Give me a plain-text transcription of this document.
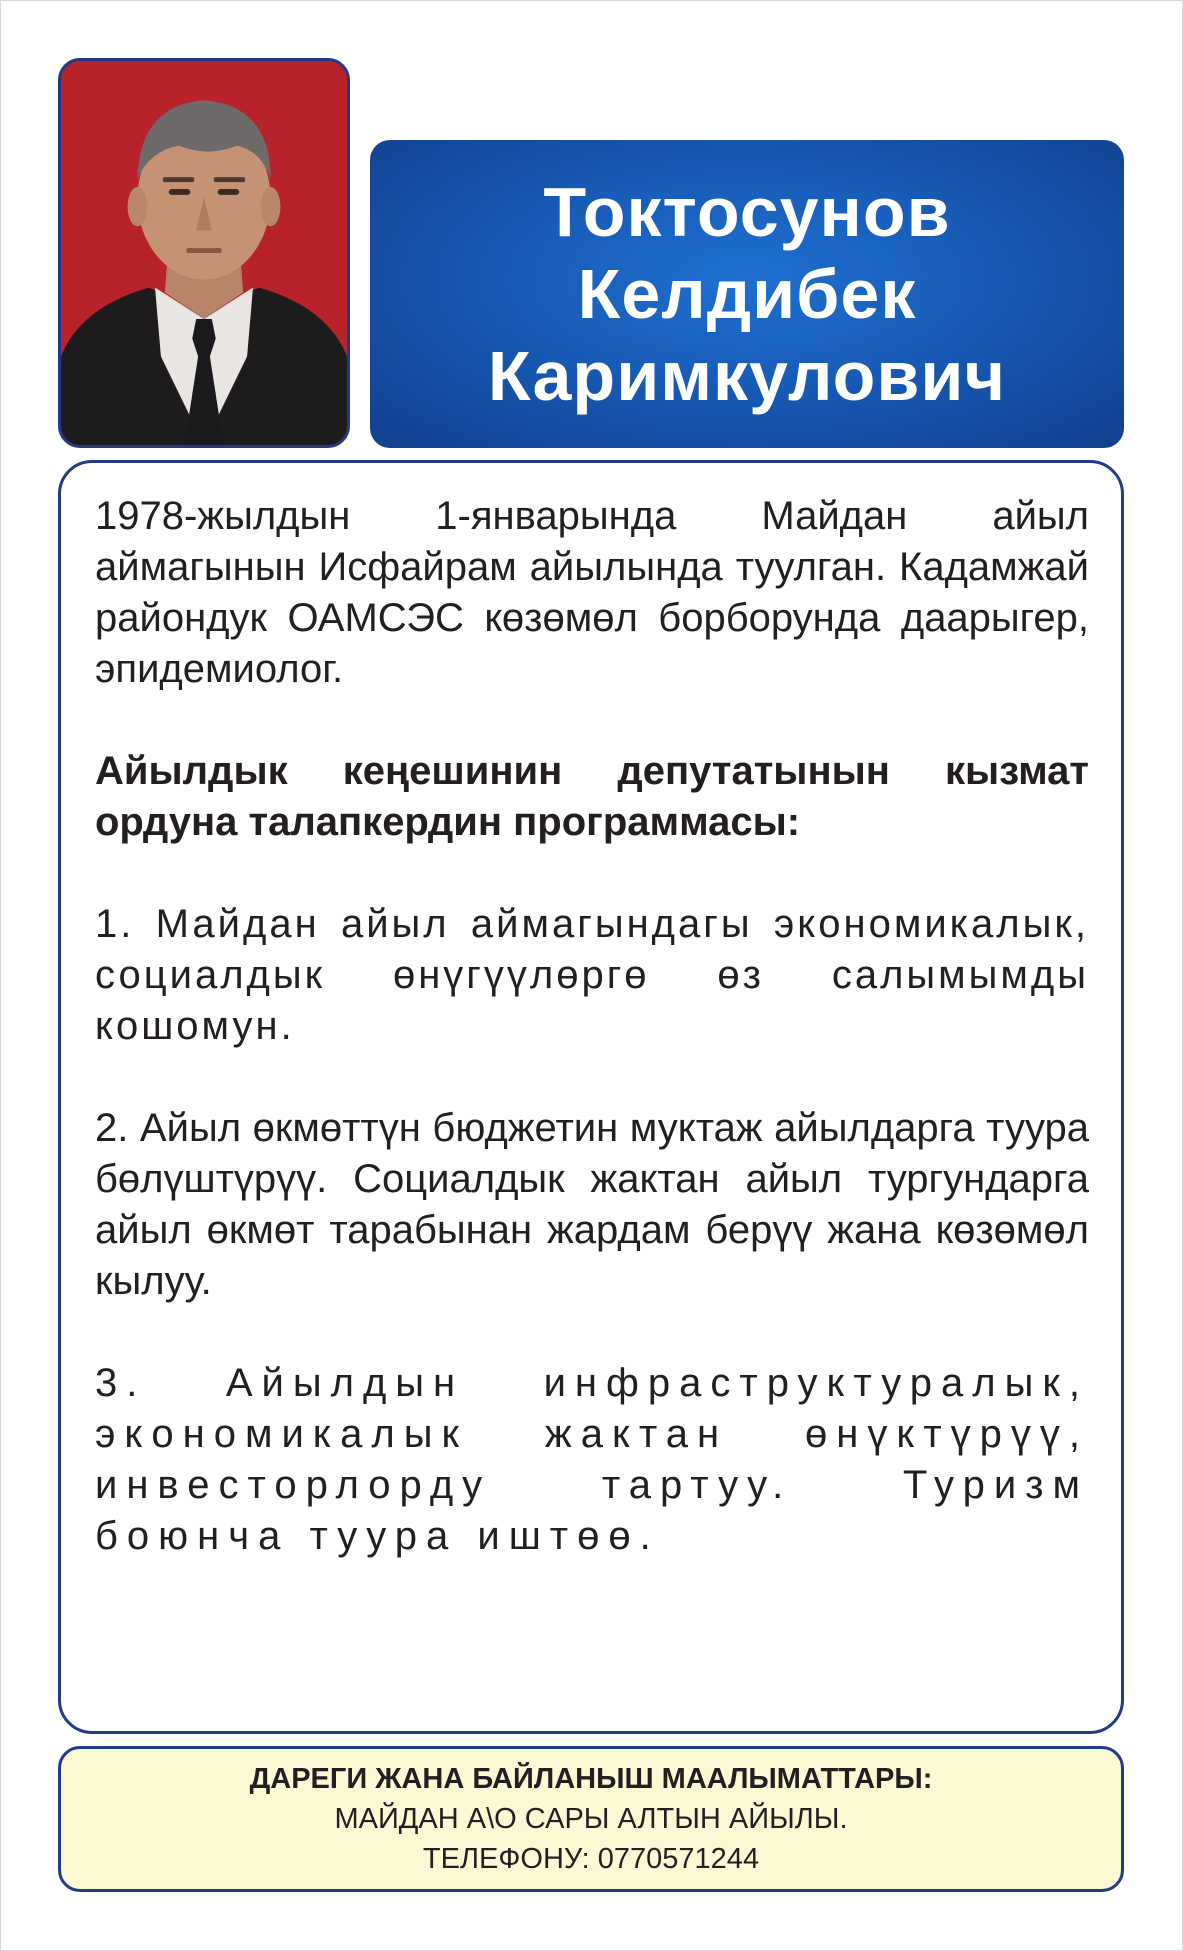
Токтосунов
Келдибек
Каримкулович

1978-жылдын 1-январында Майдан айыл аймагынын Исфайрам айылында туулган. Кадамжай райондук ОАМСЭС көзөмөл борборунда даарыгер, эпидемиолог.

Айылдык кеңешинин депутатынын кызмат ордуна талапкердин программасы:

1. Майдан айыл аймагындагы экономикалык, социалдык өнүгүүлөргө өз салымымды кошомун.

2. Айыл өкмөттүн бюджетин муктаж айылдарга туура бөлүштүрүү. Социалдык жактан айыл тургундарга айыл өкмөт тарабынан жардам берүү жана көзөмөл кылуу.

3. Айылдын инфраструктуралык, экономикалык жактан өнүктүрүү, инвесторлорду тартуу. Туризм боюнча туура иштөө.

ДАРЕГИ ЖАНА БАЙЛАНЫШ МААЛЫМАТТАРЫ:
МАЙДАН А\О САРЫ АЛТЫН АЙЫЛЫ.
ТЕЛЕФОНУ: 0770571244
